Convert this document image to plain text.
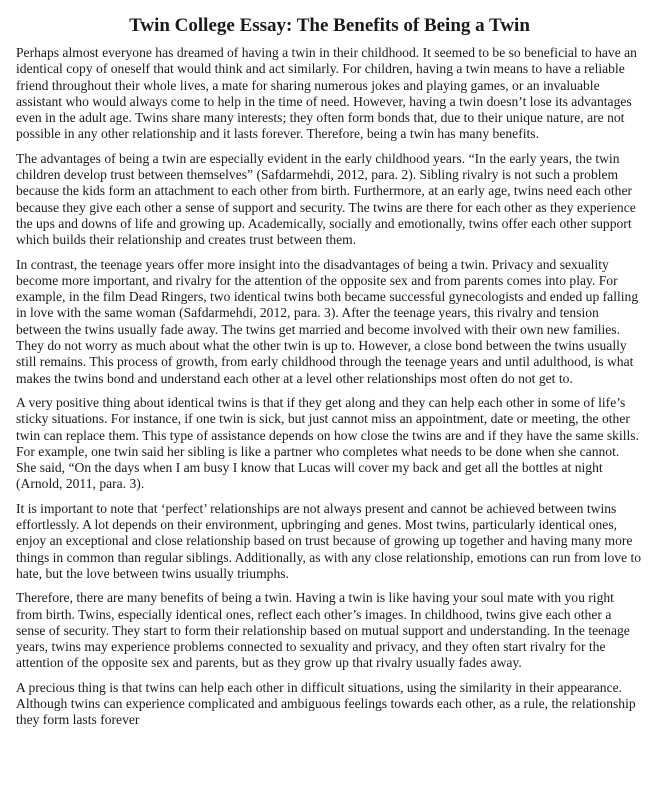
Twin College Essay: The Benefits of Being a Twin

Perhaps almost everyone has dreamed of having a twin in their childhood. It seemed to be so beneficial to have an identical copy of oneself that would think and act similarly. For children, having a twin means to have a reliable friend throughout their whole lives, a mate for sharing numerous jokes and playing games, or an invaluable assistant who would always come to help in the time of need. However, having a twin doesn’t lose its advantages even in the adult age. Twins share many interests; they often form bonds that, due to their unique nature, are not possible in any other relationship and it lasts forever. Therefore, being a twin has many benefits.

The advantages of being a twin are especially evident in the early childhood years. “In the early years, the twin children develop trust between themselves” (Safdarmehdi, 2012, para. 2). Sibling rivalry is not such a problem because the kids form an attachment to each other from birth. Furthermore, at an early age, twins need each other because they give each other a sense of support and security. The twins are there for each other as they experience the ups and downs of life and growing up. Academically, socially and emotionally, twins offer each other support which builds their relationship and creates trust between them.

In contrast, the teenage years offer more insight into the disadvantages of being a twin. Privacy and sexuality become more important, and rivalry for the attention of the opposite sex and from parents comes into play. For example, in the film Dead Ringers, two identical twins both became successful gynecologists and ended up falling in love with the same woman (Safdarmehdi, 2012, para. 3). After the teenage years, this rivalry and tension between the twins usually fade away. The twins get married and become involved with their own new families. They do not worry as much about what the other twin is up to. However, a close bond between the twins usually still remains. This process of growth, from early childhood through the teenage years and until adulthood, is what makes the twins bond and understand each other at a level other relationships most often do not get to.

A very positive thing about identical twins is that if they get along and they can help each other in some of life’s sticky situations. For instance, if one twin is sick, but just cannot miss an appointment, date or meeting, the other twin can replace them. This type of assistance depends on how close the twins are and if they have the same skills. For example, one twin said her sibling is like a partner who completes what needs to be done when she cannot. She said, “On the days when I am busy I know that Lucas will cover my back and get all the bottles at night (Arnold, 2011, para. 3).

It is important to note that ‘perfect’ relationships are not always present and cannot be achieved between twins effortlessly. A lot depends on their environment, upbringing and genes. Most twins, particularly identical ones, enjoy an exceptional and close relationship based on trust because of growing up together and having many more things in common than regular siblings. Additionally, as with any close relationship, emotions can run from love to hate, but the love between twins usually triumphs.

Therefore, there are many benefits of being a twin. Having a twin is like having your soul mate with you right from birth. Twins, especially identical ones, reflect each other’s images. In childhood, twins give each other a sense of security. They start to form their relationship based on mutual support and understanding. In the teenage years, twins may experience problems connected to sexuality and privacy, and they often start rivalry for the attention of the opposite sex and parents, but as they grow up that rivalry usually fades away.

A precious thing is that twins can help each other in difficult situations, using the similarity in their appearance. Although twins can experience complicated and ambiguous feelings towards each other, as a rule, the relationship they form lasts forever
